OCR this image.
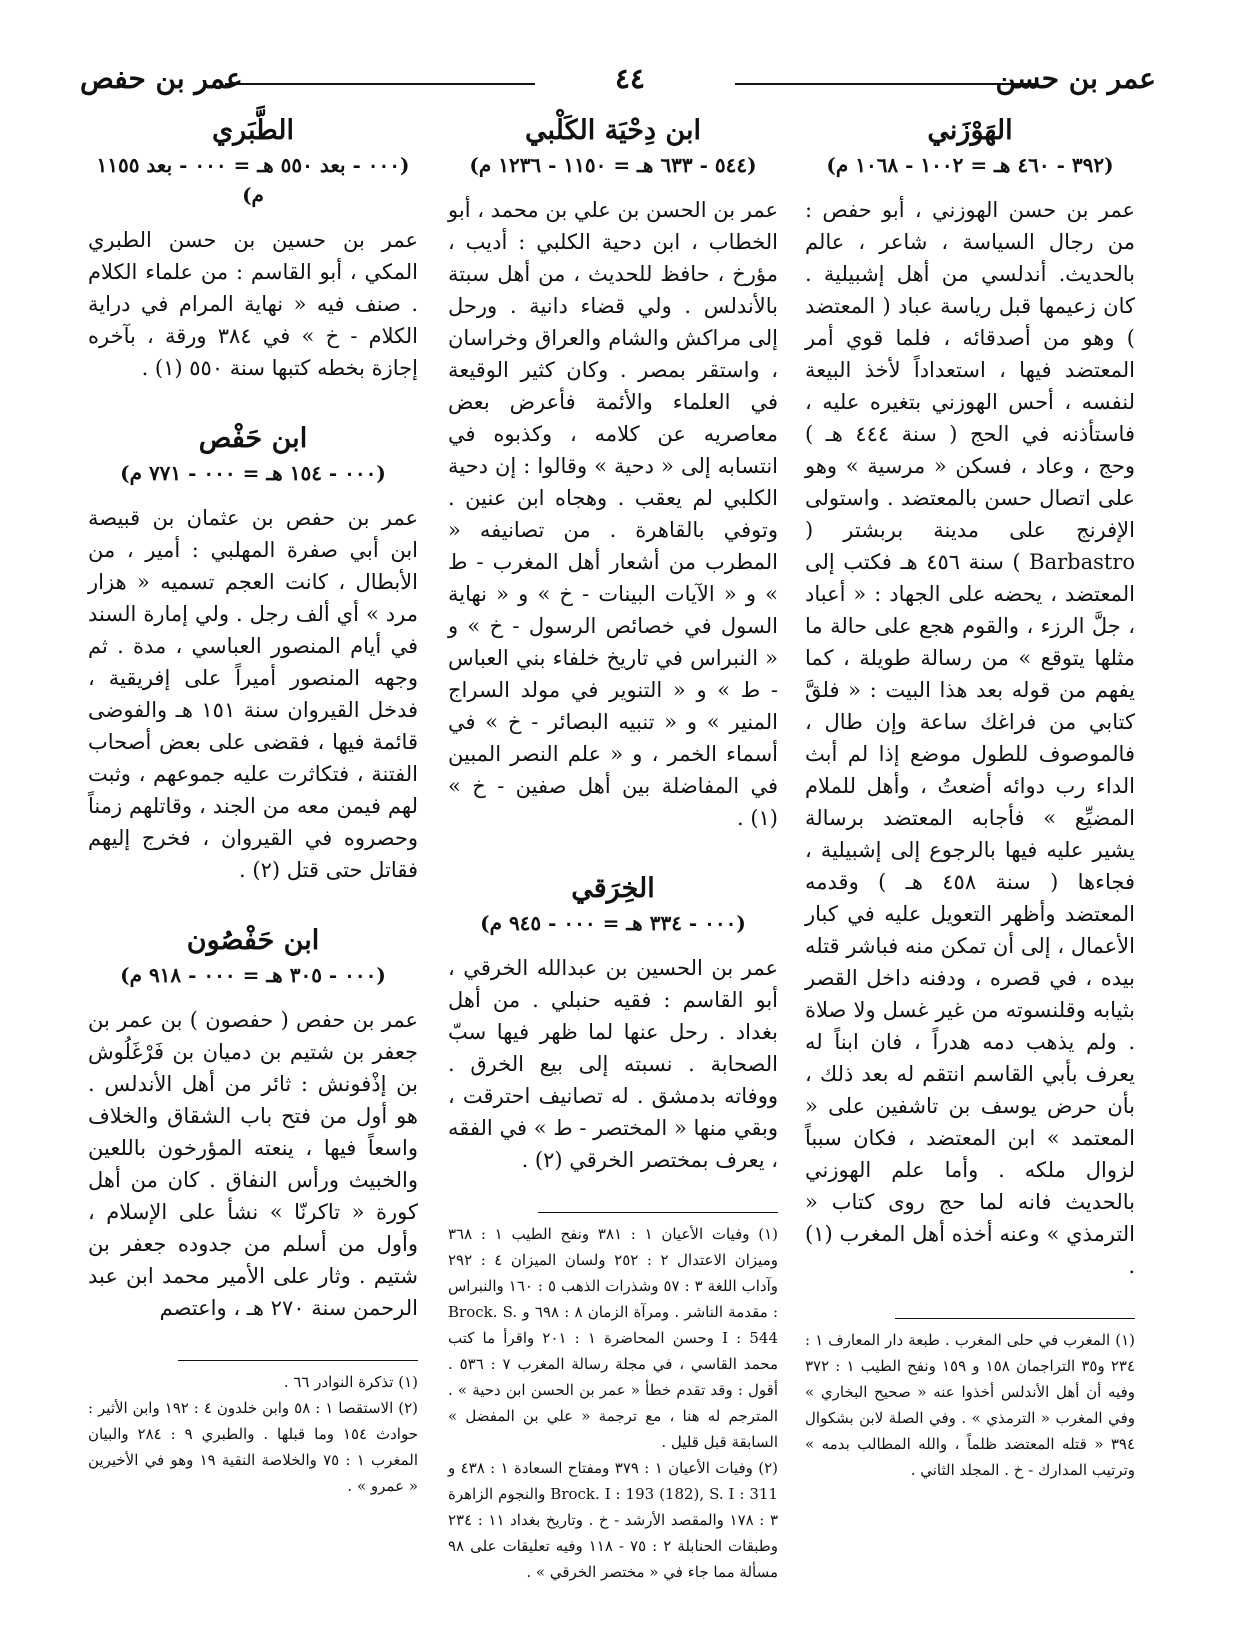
عمر بن حسن
٤٤
عمر بن حفص
الهَوْزَني
(٣٩٢ - ٤٦٠ هـ = ١٠٠٢ - ١٠٦٨ م)

عمر بن حسن الهوزني ، أبو حفص : من رجال السياسة ، شاعر ، عالم بالحديث. أندلسي من أهل إشبيلية . كان زعيمها قبل رياسة عباد ( المعتضد ) وهو من أصدقائه ، فلما قوي أمر المعتضد فيها ، استعداداً لأخذ البيعة لنفسه ، أحس الهوزني بتغيره عليه ، فاستأذنه في الحج ( سنة ٤٤٤ هـ ) وحج ، وعاد ، فسكن « مرسية » وهو على اتصال حسن بالمعتضد . واستولى الإفرنج على مدينة بربشتر ( Barbastro ) سنة ٤٥٦ هـ فكتب إلى المعتضد ، يحضه على الجهاد : « أعباد ، جلَّ الرزء ، والقوم هجع على حالة ما مثلها يتوقع » من رسالة طويلة ، كما يفهم من قوله بعد هذا البيت : « فلقَّ كتابي من فراغك ساعة وإن طال ، فالموصوف للطول موضع إذا لم أبث الداء رب دوائه أضعتُ ، وأهل للملام المضيِّع » فأجابه المعتضد برسالة يشير عليه فيها بالرجوع إلى إشبيلية ، فجاءها ( سنة ٤٥٨ هـ ) وقدمه المعتضد وأظهر التعويل عليه في كبار الأعمال ، إلى أن تمكن منه فباشر قتله بيده ، في قصره ، ودفنه داخل القصر بثيابه وقلنسوته من غير غسل ولا صلاة . ولم يذهب دمه هدراً ، فان ابناً له يعرف بأبي القاسم انتقم له بعد ذلك ، بأن حرض يوسف بن تاشفين على « المعتمد » ابن المعتضد ، فكان سبباً لزوال ملكه . وأما علم الهوزني بالحديث فانه لما حج روى كتاب « الترمذي » وعنه أخذه أهل المغرب (١) .

(١) المغرب في حلى المغرب . طبعة دار المعارف ١ : ٢٣٤ و٣٥ التراجمان ١٥٨ و ١٥٩ ونفح الطيب ١ : ٣٧٢ وفيه أن أهل الأندلس أخذوا عنه « صحيح البخاري » وفي المغرب « الترمذي » . وفي الصلة لابن بشكوال ٣٩٤ « قتله المعتضد ظلماً ، والله المطالب بدمه » وترتيب المدارك - خ . المجلد الثاني .

ابن دِحْيَة الكَلْبي
(٥٤٤ - ٦٣٣ هـ = ١١٥٠ - ١٢٣٦ م)

عمر بن الحسن بن علي بن محمد ، أبو الخطاب ، ابن دحية الكلبي : أديب ، مؤرخ ، حافظ للحديث ، من أهل سبتة بالأندلس . ولي قضاء دانية . ورحل إلى مراكش والشام والعراق وخراسان ، واستقر بمصر . وكان كثير الوقيعة في العلماء والأئمة فأعرض بعض معاصريه عن كلامه ، وكذبوه في انتسابه إلى « دحية » وقالوا : إن دحية الكلبي لم يعقب . وهجاه ابن عنين . وتوفي بالقاهرة . من تصانيفه « المطرب من أشعار أهل المغرب - ط » و « الآيات البينات - خ » و « نهاية السول في خصائص الرسول - خ » و « النبراس في تاريخ خلفاء بني العباس - ط » و « التنوير في مولد السراج المنير » و « تنبيه البصائر - خ » في أسماء الخمر ، و « علم النصر المبين في المفاضلة بين أهل صفين - خ » (١) .

الخِرَقي
(٠٠٠ - ٣٣٤ هـ = ٠٠٠ - ٩٤٥ م)

عمر بن الحسين بن عبدالله الخرقي ، أبو القاسم : فقيه حنبلي . من أهل بغداد . رحل عنها لما ظهر فيها سبّ الصحابة . نسبته إلى بيع الخرق . ووفاته بدمشق . له تصانيف احترقت ، وبقي منها « المختصر - ط » في الفقه ، يعرف بمختصر الخرقي (٢) .

(١) وفيات الأعيان ١ : ٣٨١ ونفح الطيب ١ : ٣٦٨ وميزان الاعتدال ٢ : ٢٥٢ ولسان الميزان ٤ : ٢٩٢ وآداب اللغة ٣ : ٥٧ وشذرات الذهب ٥ : ١٦٠ والنبراس : مقدمة الناشر . ومرآة الزمان ٨ : ٦٩٨ و Brock. S. I : 544 وحسن المحاضرة ١ : ٢٠١ واقرأ ما كتب محمد القاسي ، في مجلة رسالة المغرب ٧ : ٥٣٦ . أقول : وقد تقدم خطأ « عمر بن الحسن ابن دحية » . المترجم له هنا ، مع ترجمة « علي بن المفضل » السابقة قبل قليل .

(٢) وفيات الأعيان ١ : ٣٧٩ ومفتاح السعادة ١ : ٤٣٨ و Brock. I : 193 (182), S. I : 311 والنجوم الزاهرة ٣ : ١٧٨ والمقصد الأرشد - خ . وتاريخ بغداد ١١ : ٢٣٤ وطبقات الحنابلة ٢ : ٧٥ - ١١٨ وفيه تعليقات على ٩٨ مسألة مما جاء في « مختصر الخرقي » .

الطَّبَري
(٠٠٠ - بعد ٥٥٠ هـ = ٠٠٠ - بعد ١١٥٥ م)

عمر بن حسين بن حسن الطبري المكي ، أبو القاسم : من علماء الكلام . صنف فيه « نهاية المرام في دراية الكلام - خ » في ٣٨٤ ورقة ، بآخره إجازة بخطه كتبها سنة ٥٥٠ (١) .

ابن حَفْص
(٠٠٠ - ١٥٤ هـ = ٠٠٠ - ٧٧١ م)

عمر بن حفص بن عثمان بن قبيصة ابن أبي صفرة المهلبي : أمير ، من الأبطال ، كانت العجم تسميه « هزار مرد » أي ألف رجل . ولي إمارة السند في أيام المنصور العباسي ، مدة . ثم وجهه المنصور أميراً على إفريقية ، فدخل القيروان سنة ١٥١ هـ والفوضى قائمة فيها ، فقضى على بعض أصحاب الفتنة ، فتكاثرت عليه جموعهم ، وثبت لهم فيمن معه من الجند ، وقاتلهم زمناً وحصروه في القيروان ، فخرج إليهم فقاتل حتى قتل (٢) .

ابن حَفْصُون
(٠٠٠ - ٣٠٥ هـ = ٠٠٠ - ٩١٨ م)

عمر بن حفص ( حفصون ) بن عمر بن جعفر بن شتيم بن دميان بن فَرْغَلُوش بن إذْفونش : ثائر من أهل الأندلس . هو أول من فتح باب الشقاق والخلاف واسعاً فيها ، ينعته المؤرخون باللعين والخبيث ورأس النفاق . كان من أهل كورة « تاكرنّا » نشأ على الإسلام ، وأول من أسلم من جدوده جعفر بن شتيم . وثار على الأمير محمد ابن عبد الرحمن سنة ٢٧٠ هـ ، واعتصم

(١) تذكرة النوادر ٦٦ .

(٢) الاستقصا ١ : ٥٨ وابن خلدون ٤ : ١٩٢ وابن الأثير : حوادث ١٥٤ وما قبلها . والطبري ٩ : ٢٨٤ والبيان المغرب ١ : ٧٥ والخلاصة النقية ١٩ وهو في الأخيرين « عمرو » .
